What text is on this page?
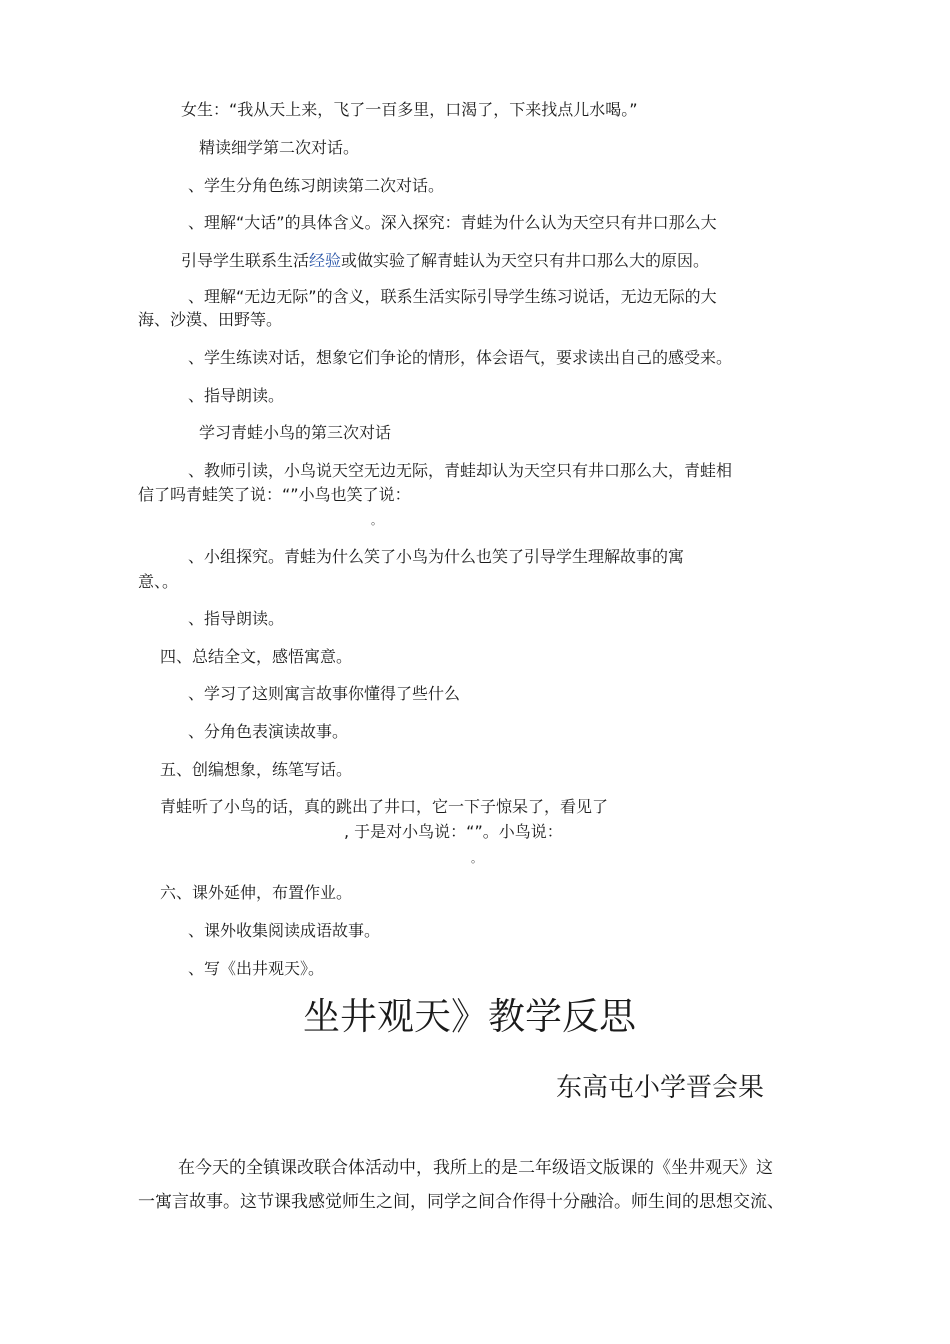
女生：“我从天上来，飞了一百多里，口渴了，下来找点儿水喝。”
精读细学第二次对话。
、学生分角色练习朗读第二次对话。
、理解“大话”的具体含义。深入探究：青蛙为什么认为天空只有井口那么大
引导学生联系生活经验或做实验了解青蛙认为天空只有井口那么大的原因。
、理解“无边无际”的含义，联系生活实际引导学生练习说话，无边无际的大
海、沙漠、田野等。
、学生练读对话，想象它们争论的情形，体会语气，要求读出自己的感受来。
、指导朗读。
学习青蛙小鸟的第三次对话
、教师引读，小鸟说天空无边无际，青蛙却认为天空只有井口那么大，青蛙相
信了吗青蛙笑了说：“”小鸟也笑了说：
。
、小组探究。青蛙为什么笑了小鸟为什么也笑了引导学生理解故事的寓
意、。
、指导朗读。
四、总结全文，感悟寓意。
、学习了这则寓言故事你懂得了些什么
、分角色表演读故事。
五、创编想象，练笔写话。
青蛙听了小鸟的话，真的跳出了井口，它一下子惊呆了，看见了
, 于是对小鸟说：“”。小鸟说：
。
六、课外延伸，布置作业。
、课外收集阅读成语故事。
、写《出井观天》。
坐井观天》教学反思
东高屯小学晋会果
在今天的全镇课改联合体活动中，我所上的是二年级语文版课的《坐井观天》这
一寓言故事。这节课我感觉师生之间，同学之间合作得十分融洽。师生间的思想交流、
